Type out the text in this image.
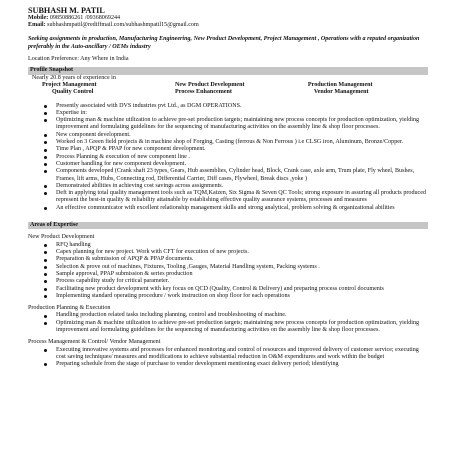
SUBHASH M. PATIL
Mobile: 09850886261 /09368069244
Email: subhashmpatil@rediffmail.com/subhashmpatil15@gmail.com
Seeking assignments in production, Manufacturing Engineering, New Product Development, Project Management , Operations with a reputed organization preferably in the Auto-ancillary / OEMs industry
Location Preference: Any Where in India
Profile Snapshot
Nearly 20.8 years of experience in
Project Management	New Product Development	Production Management
Quality Control	Process Enhancement	Vendor Management
Presently associated with DVS industries pvt Ltd., as DGM OPERATIONS.
Expertise in:
Optimizing man & machine utilization to achieve pre-set production targets; maintaining new process concepts for production optimization, yielding improvement and formulating guidelines for the sequencing of manufacturing activities on the assembly line & shop floor processes.
New component development.
Worked on 3 Green field projects & in machine shop of Forging, Casting (ferrous & Non Ferrous ) i.e CLSG iron, Aluminum, Bronze/Copper.
Time Plan , APQP & PPAP for new component development.
Process Planning & execution of new component line .
Customer handling for new component development.
Components developed (Crank shaft 23 types, Gears, Hub assemblies, Cylinder head, Block, Crank case, axle arm, Trum plate, Fly wheel, Bushes, Frames, lift arms, Hubs, Connecting rod, Differential Carrier, Diff cases, Flywheel, Break discs ,yoke )
Demonstrated abilities in achieving cost savings across assignments.
Deft in applying total quality management tools such as TQM,Kaizen, Six Sigma & Seven QC Tools; strong exposure in assuring all products produced represent the best-in quality & reliability attainable by establishing effective quality assurance systems, processes and measures
An effective communicator with excellent relationship management skills and strong analytical, problem solving & organizational abilities
Areas of Expertise
New Product Development
RFQ handling
Capex planning for new project. Work with CFT for execution of new projects.
Preparation & submission of APQP & PPAP documents.
Selection & prove out of machines, Fixtures, Tooling ,Gauges, Material Handling system, Packing systems .
Sample approval, PPAP submission & series production
Process capability study for critical parameter.
Facilitating new product development with key focus on QCD (Quality, Control & Delivery) and preparing process control documents
Implementing standard operating procedure / work instruction on shop floor for each operations
Production Planning & Execution
Handling production related tasks including planning, control and troubleshooting of machine.
Optimizing man & machine utilization to achieve pre-set production targets; maintaining new process concepts for production optimization, yielding improvement and formulating guidelines for the sequencing of manufacturing activities on the assembly line & shop floor processes.
Process Management & Control/ Vendor Management
Executing innovative systems and processes for enhanced monitoring and control of resources and improved delivery of customer service; executing cost saving techniques/ measures and modifications to achieve substantial reduction in O&M expenditures and work within the budget
Preparing schedule from the stage of purchase to vendor development mentioning exact delivery period; identifying
